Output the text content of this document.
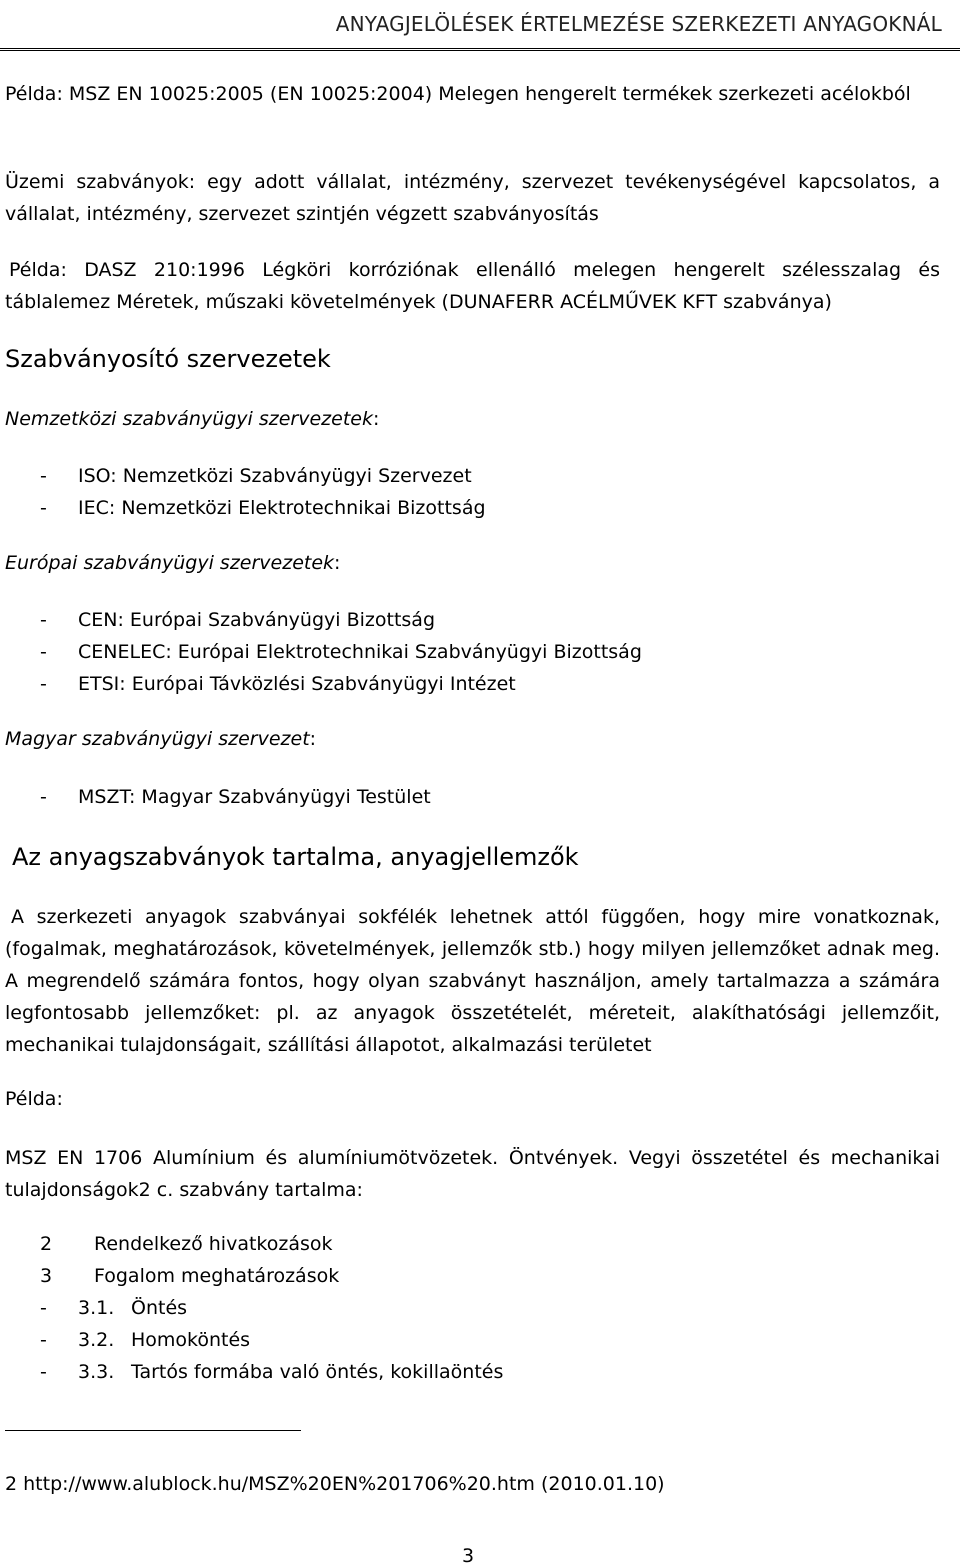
ANYAGJELÖLÉSEK ÉRTELMEZÉSE SZERKEZETI ANYAGOKNÁL
Példa: MSZ EN 10025:2005 (EN 10025:2004) Melegen hengerelt termékek szerkezeti acélokból
Üzemi szabványok: egy adott vállalat, intézmény, szervezet tevékenységével kapcsolatos, a vállalat, intézmény, szervezet szintjén végzett szabványosítás
Példa: DASZ 210:1996 Légköri korróziónak ellenálló melegen hengerelt szélesszalag és táblalemez Méretek, műszaki követelmények (DUNAFERR ACÉLMŰVEK KFT szabványa)
Szabványosító szervezetek
Nemzetközi szabványügyi szervezetek:
- ISO: Nemzetközi Szabványügyi Szervezet
- IEC: Nemzetközi Elektrotechnikai Bizottság
Európai szabványügyi szervezetek:
- CEN: Európai Szabványügyi Bizottság
- CENELEC: Európai Elektrotechnikai Szabványügyi Bizottság
- ETSI: Európai Távközlési Szabványügyi Intézet
Magyar szabványügyi szervezet:
- MSZT: Magyar Szabványügyi Testület
Az anyagszabványok tartalma, anyagjellemzők
A szerkezeti anyagok szabványai sokfélék lehetnek attól függően, hogy mire vonatkoznak, (fogalmak, meghatározások, követelmények, jellemzők stb.) hogy milyen jellemzőket adnak meg. A megrendelő számára fontos, hogy olyan szabványt használjon, amely tartalmazza a számára legfontosabb jellemzőket: pl. az anyagok összetételét, méreteit, alakíthatósági jellemzőit, mechanikai tulajdonságait, szállítási állapotot, alkalmazási területet
Példa:
MSZ EN 1706 Alumínium és alumíniumötvözetek. Öntvények. Vegyi összetétel és mechanikai tulajdonságok2 c. szabvány tartalma:
2 Rendelkező hivatkozások
3 Fogalom meghatározások
- 3.1. Öntés
- 3.2. Homoköntés
- 3.3. Tartós formába való öntés, kokillaöntés
2 http://www.alublock.hu/MSZ%20EN%201706%20.htm (2010.01.10)
3
